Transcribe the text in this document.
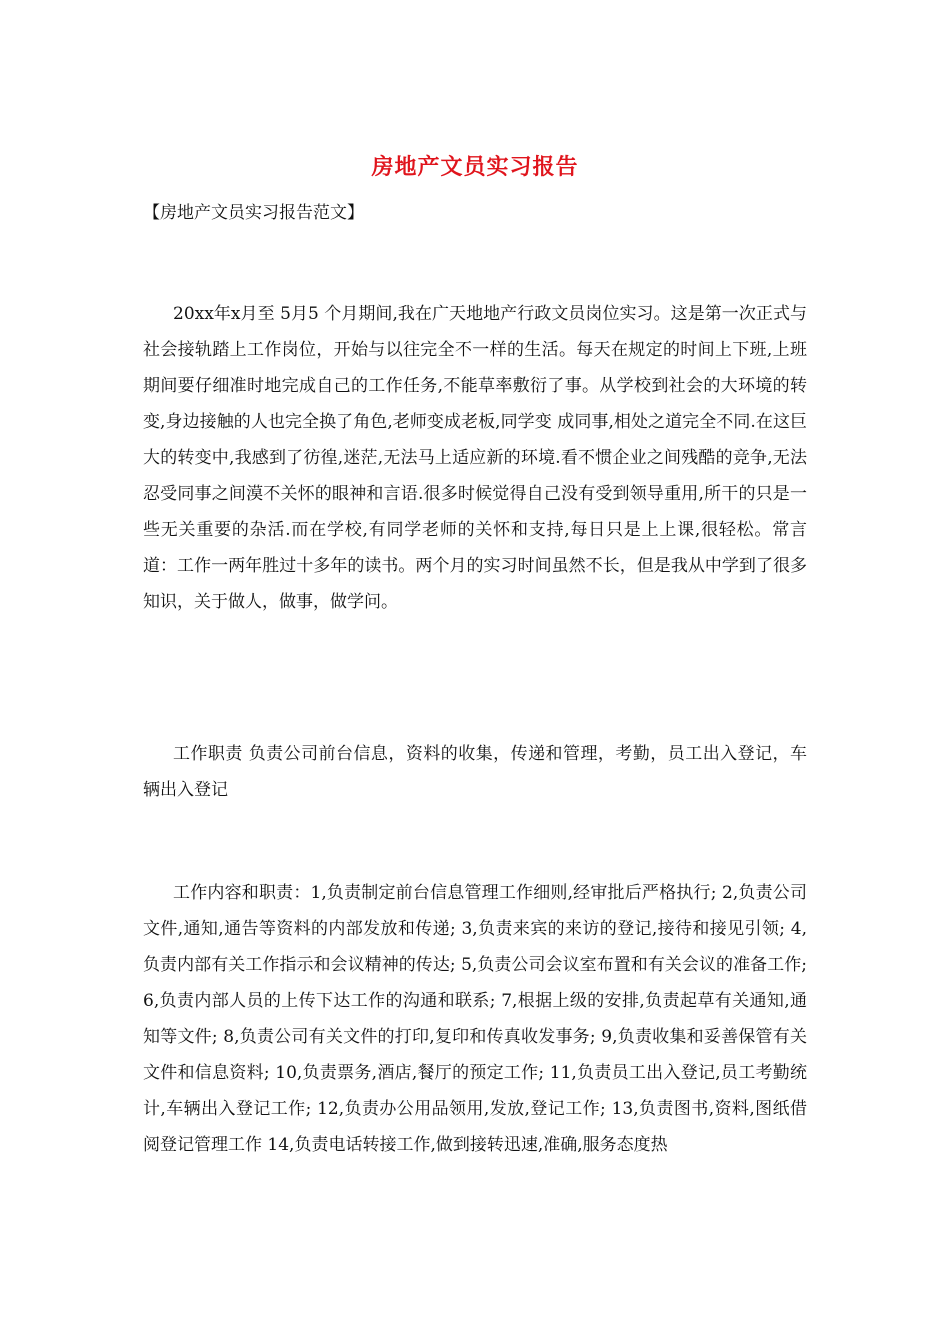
房地产文员实习报告
【房地产文员实习报告范文】

20xx年x月至 5月5 个月期间,我在广天地地产行政文员岗位实习。这是第一次正式与社会接轨踏上工作岗位，开始与以往完全不一样的生活。每天在规定的时间上下班,上班 期间要仔细准时地完成自己的工作任务,不能草率敷衍了事。从学校到社会的大环境的转变,身边接触的人也完全换了角色,老师变成老板,同学变 成同事,相处之道完全不同.在这巨大的转变中,我感到了彷徨,迷茫,无法马上适应新的环境.看不惯企业之间残酷的竞争,无法忍受同事之间漠不关怀的眼神和言语.很多时候觉得自己没有受到领导重用,所干的只是一些无关重要的杂活.而在学校,有同学老师的关怀和支持,每日只是上上课,很轻松。常言道：工作一两年胜过十多年的读书。两个月的实习时间虽然不长，但是我从中学到了很多知识，关于做人，做事，做学问。

工作职责 负责公司前台信息，资料的收集，传递和管理，考勤，员工出入登记，车辆出入登记

工作内容和职责：1,负责制定前台信息管理工作细则,经审批后严格执行; 2,负责公司文件,通知,通告等资料的内部发放和传递; 3,负责来宾的来访的登记,接待和接见引领; 4,负责内部有关工作指示和会议精神的传达; 5,负责公司会议室布置和有关会议的准备工作; 6,负责内部人员的上传下达工作的沟通和联系; 7,根据上级的安排,负责起草有关通知,通知等文件; 8,负责公司有关文件的打印,复印和传真收发事务; 9,负责收集和妥善保管有关文件和信息资料; 10,负责票务,酒店,餐厅的预定工作; 11,负责员工出入登记,员工考勤统计,车辆出入登记工作; 12,负责办公用品领用,发放,登记工作; 13,负责图书,资料,图纸借阅登记管理工作 14,负责电话转接工作,做到接转迅速,准确,服务态度热
